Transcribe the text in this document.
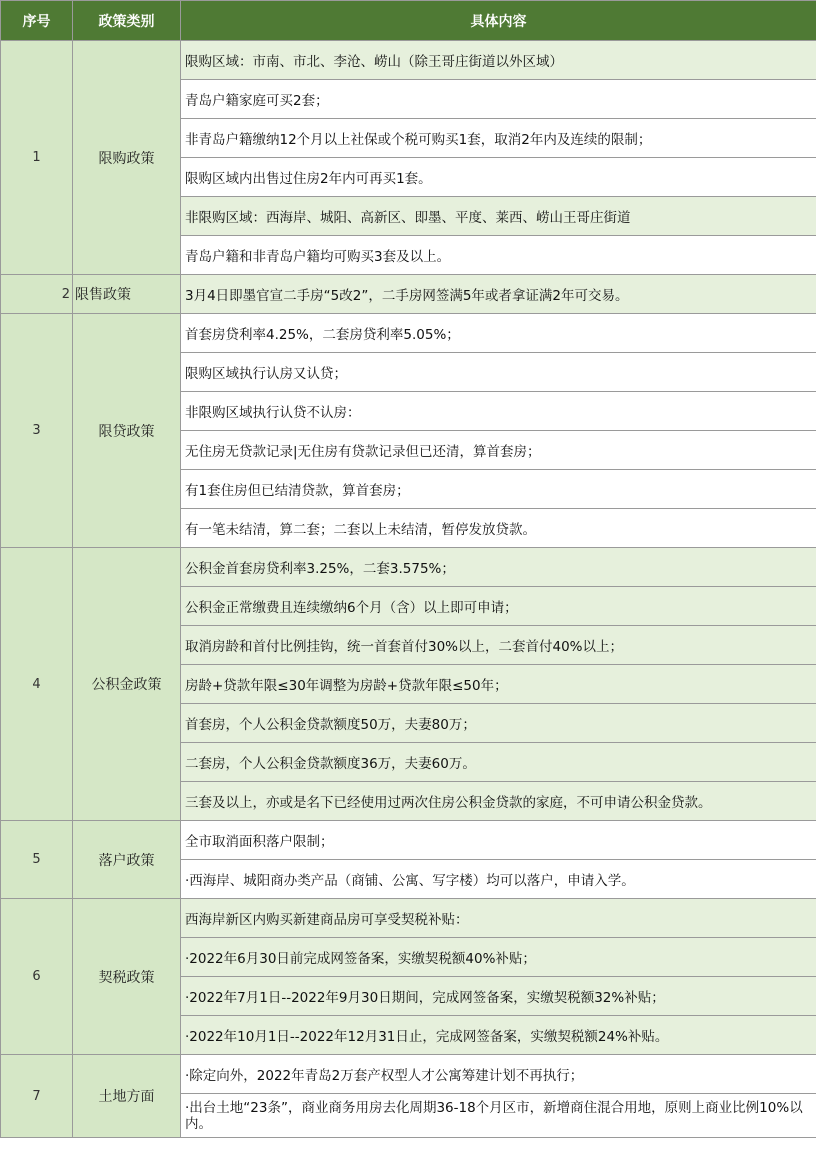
序号	政策类别	具体内容
1	限购政策	限购区域：市南、市北、李沧、崂山（除王哥庄街道以外区域）
		青岛户籍家庭可买2套；
		非青岛户籍缴纳12个月以上社保或个税可购买1套，取消2年内及连续的限制；
		限购区域内出售过住房2年内可再买1套。
		非限购区域：西海岸、城阳、高新区、即墨、平度、莱西、崂山王哥庄街道
		青岛户籍和非青岛户籍均可购买3套及以上。
2	限售政策	3月4日即墨官宣二手房“5改2”，二手房网签满5年或者拿证满2年可交易。
3	限贷政策	首套房贷利率4.25%，二套房贷利率5.05%；
		限购区域执行认房又认贷；
		非限购区域执行认贷不认房：
		无住房无贷款记录|无住房有贷款记录但已还清，算首套房；
		有1套住房但已结清贷款，算首套房；
		有一笔未结清，算二套；二套以上未结清，暂停发放贷款。
4	公积金政策	公积金首套房贷利率3.25%，二套3.575%；
		公积金正常缴费且连续缴纳6个月（含）以上即可申请；
		取消房龄和首付比例挂钩，统一首套首付30%以上，二套首付40%以上；
		房龄+贷款年限≤30年调整为房龄+贷款年限≤50年；
		首套房，个人公积金贷款额度50万，夫妻80万；
		二套房，个人公积金贷款额度36万，夫妻60万。
		三套及以上，亦或是名下已经使用过两次住房公积金贷款的家庭，不可申请公积金贷款。
5	落户政策	全市取消面积落户限制；
		·西海岸、城阳商办类产品（商铺、公寓、写字楼）均可以落户，申请入学。
6	契税政策	西海岸新区内购买新建商品房可享受契税补贴：
		·2022年6月30日前完成网签备案，实缴契税额40%补贴；
		·2022年7月1日--2022年9月30日期间，完成网签备案，实缴契税额32%补贴；
		·2022年10月1日--2022年12月31日止，完成网签备案，实缴契税额24%补贴。
7	土地方面	·除定向外，2022年青岛2万套产权型人才公寓筹建计划不再执行；
		·出台土地“23条”，商业商务用房去化周期36-18个月区市，新增商住混合用地，原则上商业比例10%以内。
